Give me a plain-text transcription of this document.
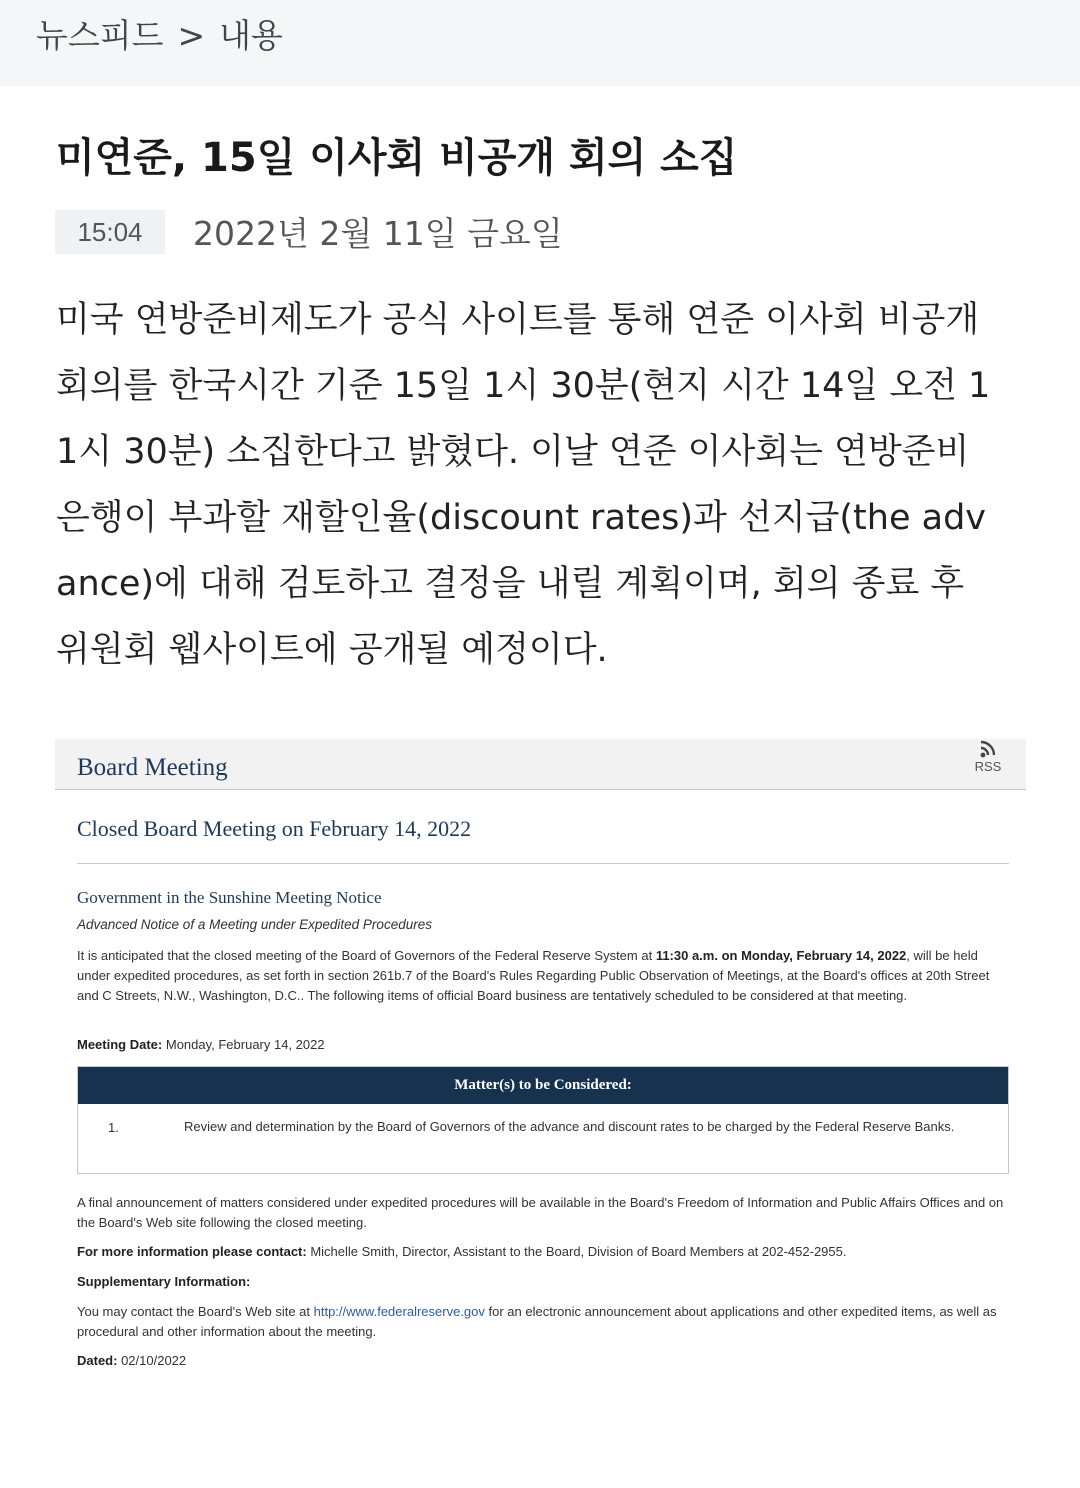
뉴스피드 > 내용
미연준, 15일 이사회 비공개 회의 소집
15:04	2022년 2월 11일 금요일
미국 연방준비제도가 공식 사이트를 통해 연준 이사회 비공개
회의를 한국시간 기준 15일 1시 30분(현지 시간 14일 오전 1
1시 30분) 소집한다고 밝혔다. 이날 연준 이사회는 연방준비
은행이 부과할 재할인율(discount rates)과 선지급(the adv
ance)에 대해 검토하고 결정을 내릴 계획이며, 회의 종료 후
위원회 웹사이트에 공개될 예정이다.
Board Meeting	RSS
Closed Board Meeting on February 14, 2022
Government in the Sunshine Meeting Notice
Advanced Notice of a Meeting under Expedited Procedures
It is anticipated that the closed meeting of the Board of Governors of the Federal Reserve System at 11:30 a.m. on Monday, February 14, 2022, will be held under expedited procedures, as set forth in section 261b.7 of the Board's Rules Regarding Public Observation of Meetings, at the Board's offices at 20th Street and C Streets, N.W., Washington, D.C.. The following items of official Board business are tentatively scheduled to be considered at that meeting.
Meeting Date: Monday, February 14, 2022
Matter(s) to be Considered:
1.	Review and determination by the Board of Governors of the advance and discount rates to be charged by the Federal Reserve Banks.
A final announcement of matters considered under expedited procedures will be available in the Board's Freedom of Information and Public Affairs Offices and on the Board's Web site following the closed meeting.
For more information please contact: Michelle Smith, Director, Assistant to the Board, Division of Board Members at 202-452-2955.
Supplementary Information:
You may contact the Board's Web site at http://www.federalreserve.gov for an electronic announcement about applications and other expedited items, as well as procedural and other information about the meeting.
Dated: 02/10/2022
